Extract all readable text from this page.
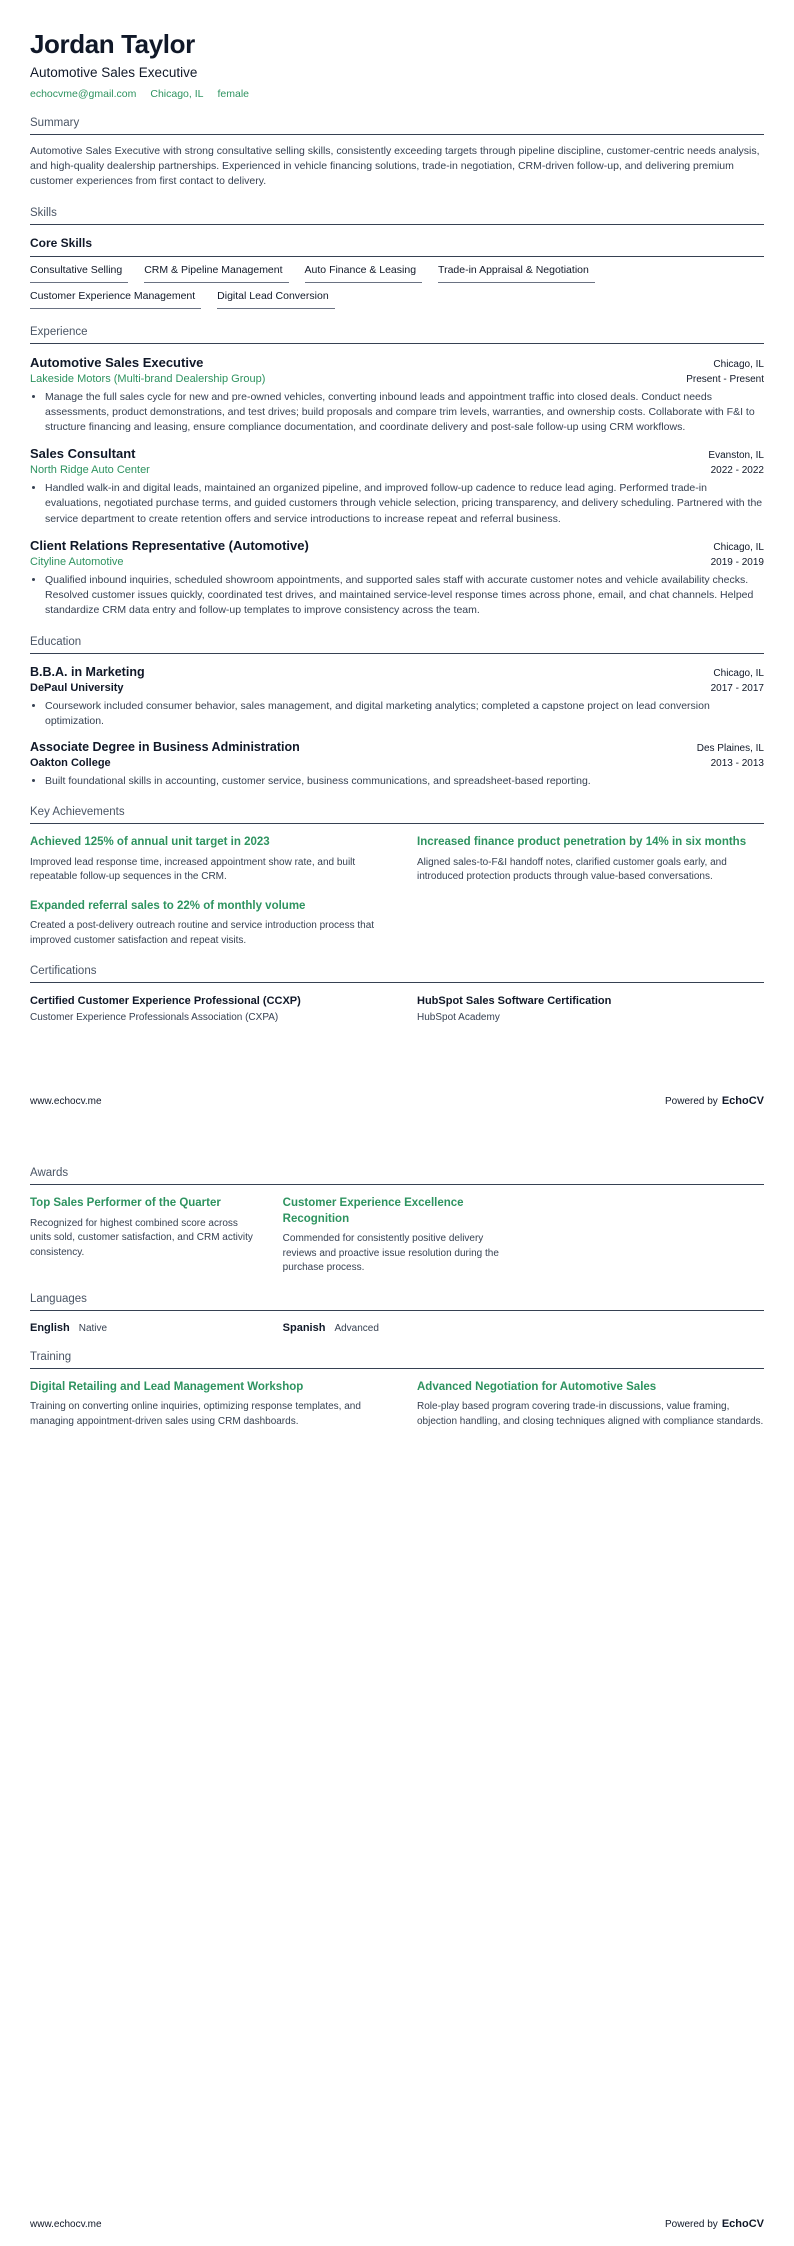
Jordan Taylor
Automotive Sales Executive
echocvme@gmail.com Chicago, IL female
Summary

Automotive Sales Executive with strong consultative selling skills, consistently exceeding targets through pipeline discipline, customer-centric needs analysis, and high-quality dealership partnerships. Experienced in vehicle financing solutions, trade-in negotiation, CRM-driven follow-up, and delivering premium customer experiences from first contact to delivery.

Skills
Core Skills
Consultative Selling	CRM & Pipeline Management	Auto Finance & Leasing	Trade-in Appraisal & Negotiation
Customer Experience Management	Digital Lead Conversion
Experience
Automotive Sales Executive	Chicago, IL
Lakeside Motors (Multi-brand Dealership Group)	Present - Present
• Manage the full sales cycle for new and pre-owned vehicles, converting inbound leads and appointment traffic into closed deals. Conduct needs assessments, product demonstrations, and test drives; build proposals and compare trim levels, warranties, and ownership costs. Collaborate with F&I to structure financing and leasing, ensure compliance documentation, and coordinate delivery and post-sale follow-up using CRM workflows.
Sales Consultant	Evanston, IL
North Ridge Auto Center	2022 - 2022
• Handled walk-in and digital leads, maintained an organized pipeline, and improved follow-up cadence to reduce lead aging. Performed trade-in evaluations, negotiated purchase terms, and guided customers through vehicle selection, pricing transparency, and delivery scheduling. Partnered with the service department to create retention offers and service introductions to increase repeat and referral business.
Client Relations Representative (Automotive)	Chicago, IL
Cityline Automotive	2019 - 2019
• Qualified inbound inquiries, scheduled showroom appointments, and supported sales staff with accurate customer notes and vehicle availability checks. Resolved customer issues quickly, coordinated test drives, and maintained service-level response times across phone, email, and chat channels. Helped standardize CRM data entry and follow-up templates to improve consistency across the team.
Education
B.B.A. in Marketing	Chicago, IL
DePaul University	2017 - 2017
• Coursework included consumer behavior, sales management, and digital marketing analytics; completed a capstone project on lead conversion optimization.
Associate Degree in Business Administration	Des Plaines, IL
Oakton College	2013 - 2013
• Built foundational skills in accounting, customer service, business communications, and spreadsheet-based reporting.
Key Achievements
Achieved 125% of annual unit target in 2023
Improved lead response time, increased appointment show rate, and built repeatable follow-up sequences in the CRM.
Increased finance product penetration by 14% in six months
Aligned sales-to-F&I handoff notes, clarified customer goals early, and introduced protection products through value-based conversations.
Expanded referral sales to 22% of monthly volume
Created a post-delivery outreach routine and service introduction process that improved customer satisfaction and repeat visits.
Certifications
Certified Customer Experience Professional (CCXP)
Customer Experience Professionals Association (CXPA)
HubSpot Sales Software Certification
HubSpot Academy
www.echocv.me	Powered by EchoCV
Awards
Top Sales Performer of the Quarter
Recognized for highest combined score across units sold, customer satisfaction, and CRM activity consistency.
Customer Experience Excellence Recognition
Commended for consistently positive delivery reviews and proactive issue resolution during the purchase process.
Languages
English Native	Spanish Advanced
Training
Digital Retailing and Lead Management Workshop
Training on converting online inquiries, optimizing response templates, and managing appointment-driven sales using CRM dashboards.
Advanced Negotiation for Automotive Sales
Role-play based program covering trade-in discussions, value framing, objection handling, and closing techniques aligned with compliance standards.
www.echocv.me	Powered by EchoCV
